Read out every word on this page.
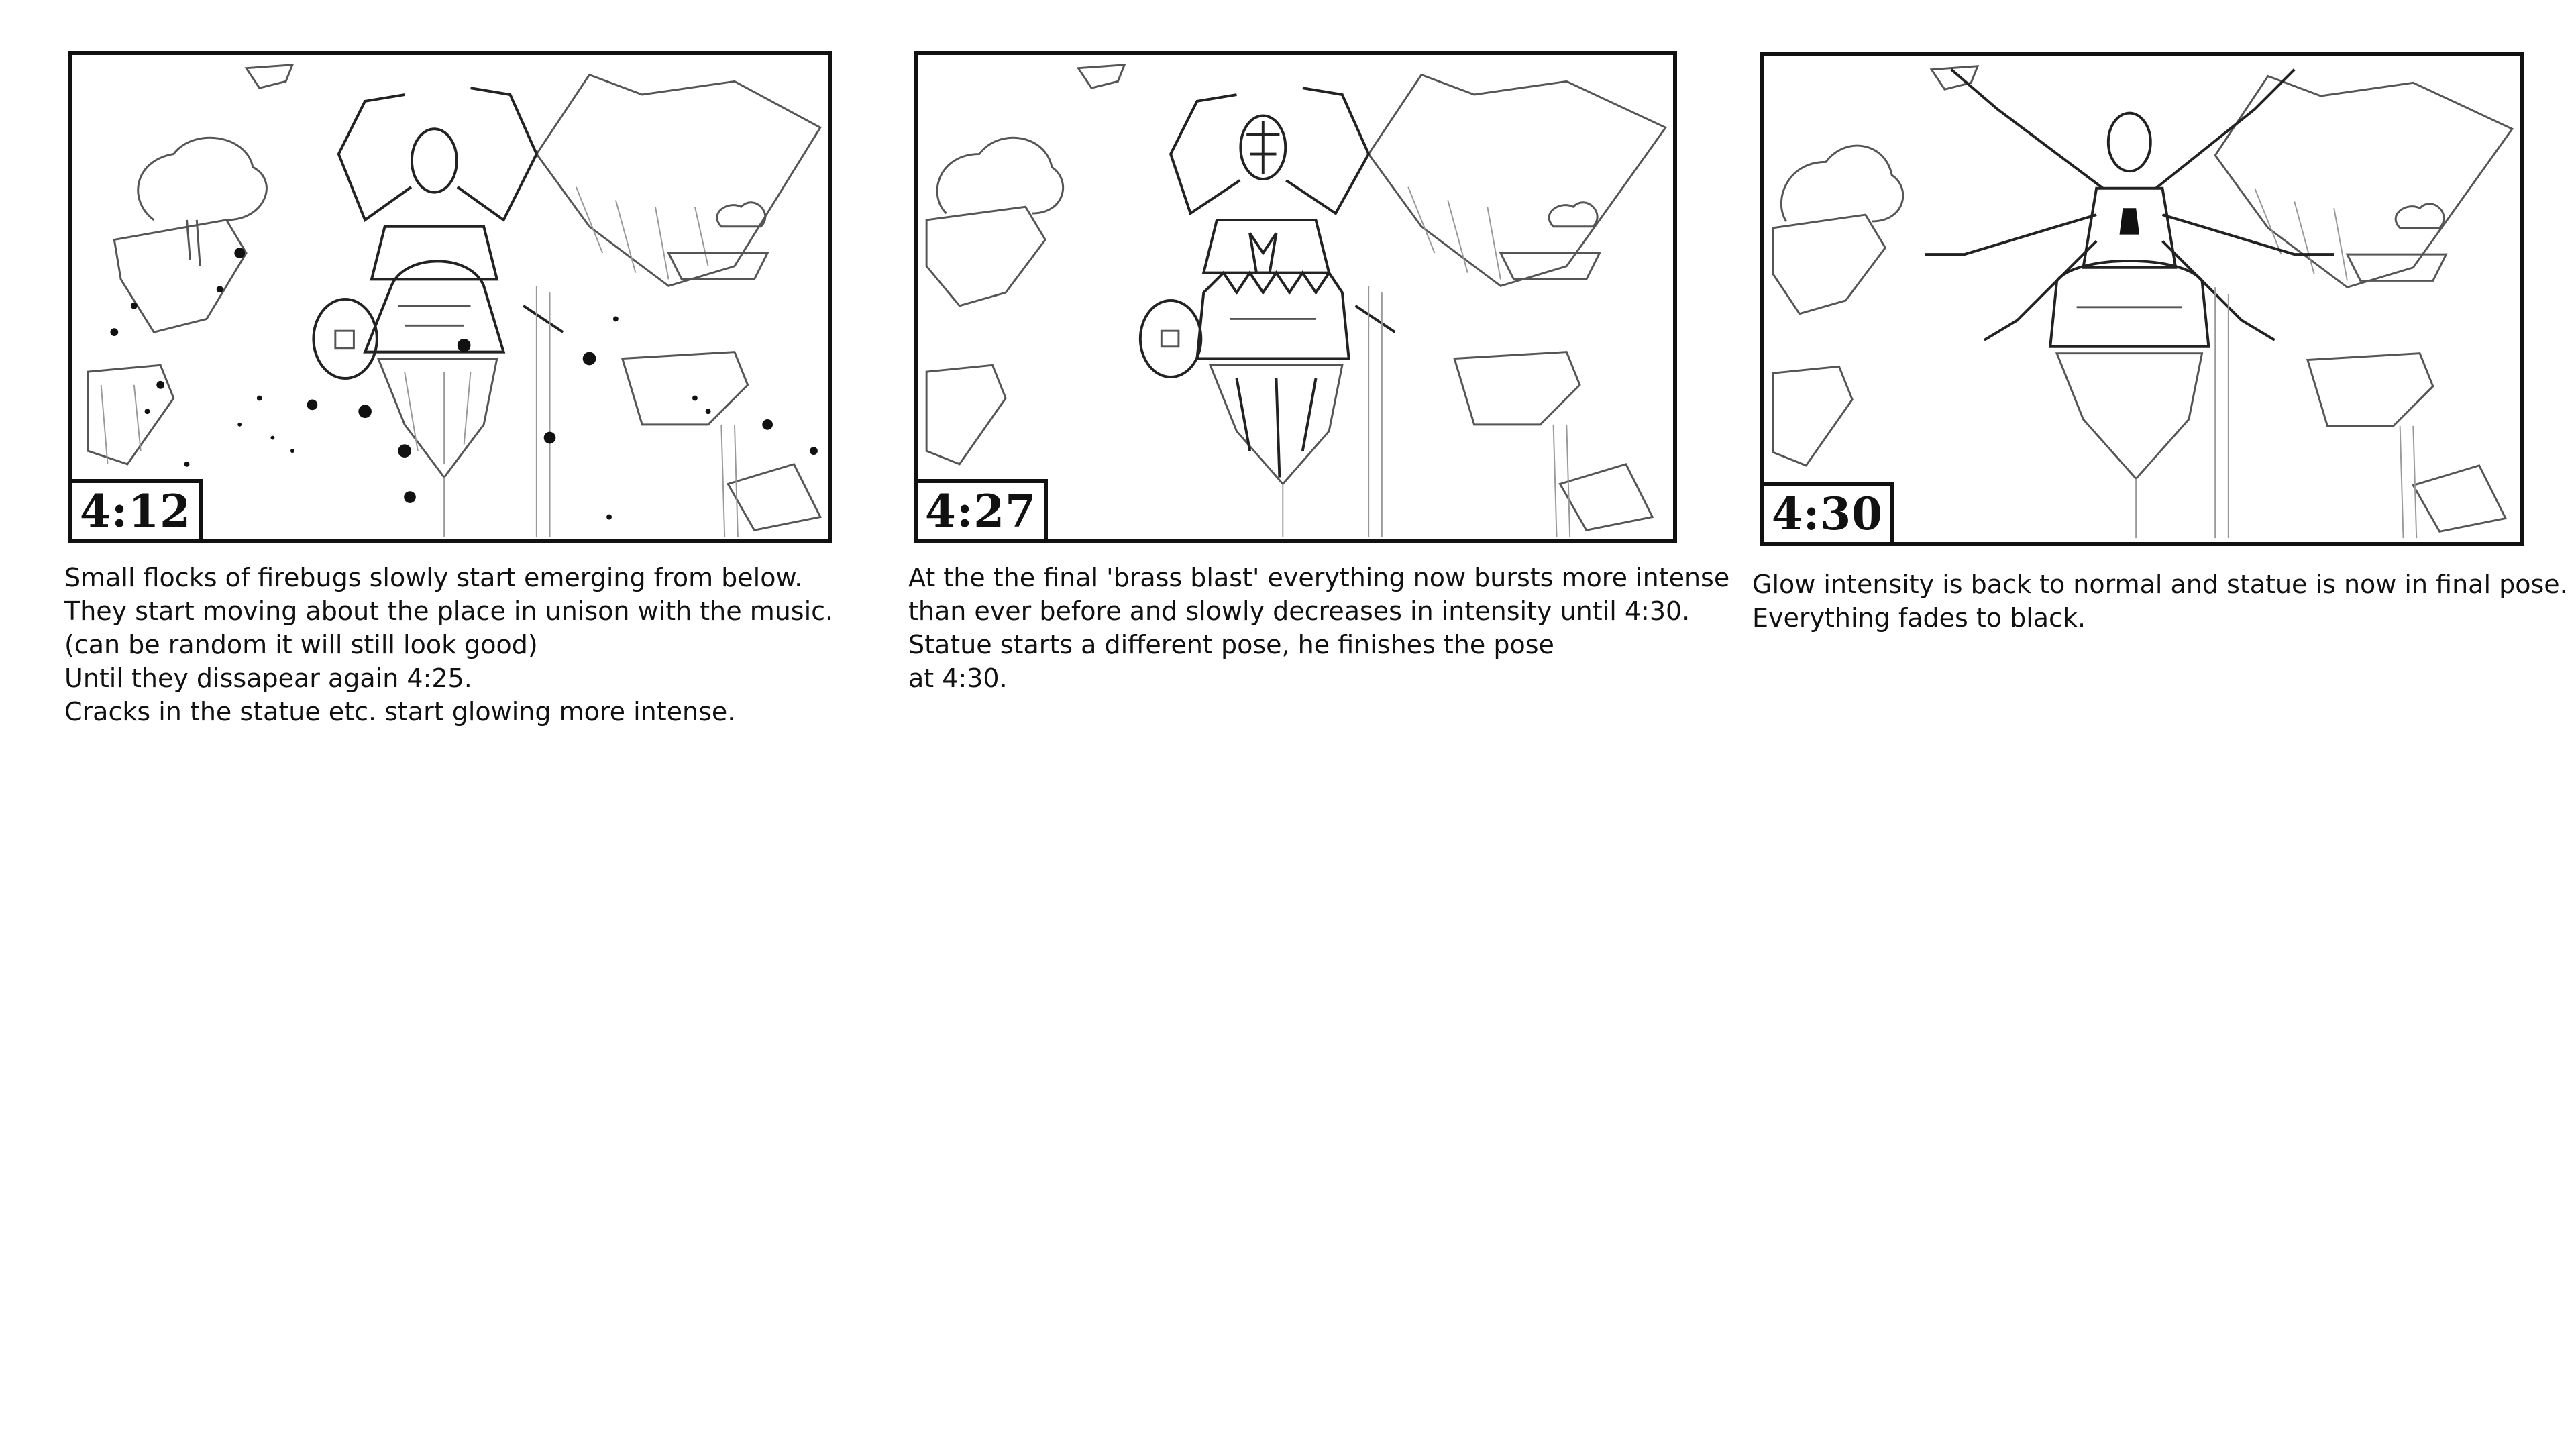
4:12
Small flocks of firebugs slowly start emerging from below.
They start moving about the place in unison with the music.
(can be random it will still look good)
Until they dissapear again 4:25.
Cracks in the statue etc. start glowing more intense.
4:27
At the the final 'brass blast' everything now bursts more intense
than ever before and slowly decreases in intensity until 4:30.
Statue starts a different pose, he finishes the pose
at 4:30.
4:30
Glow intensity is back to normal and statue is now in final pose.
Everything fades to black.
